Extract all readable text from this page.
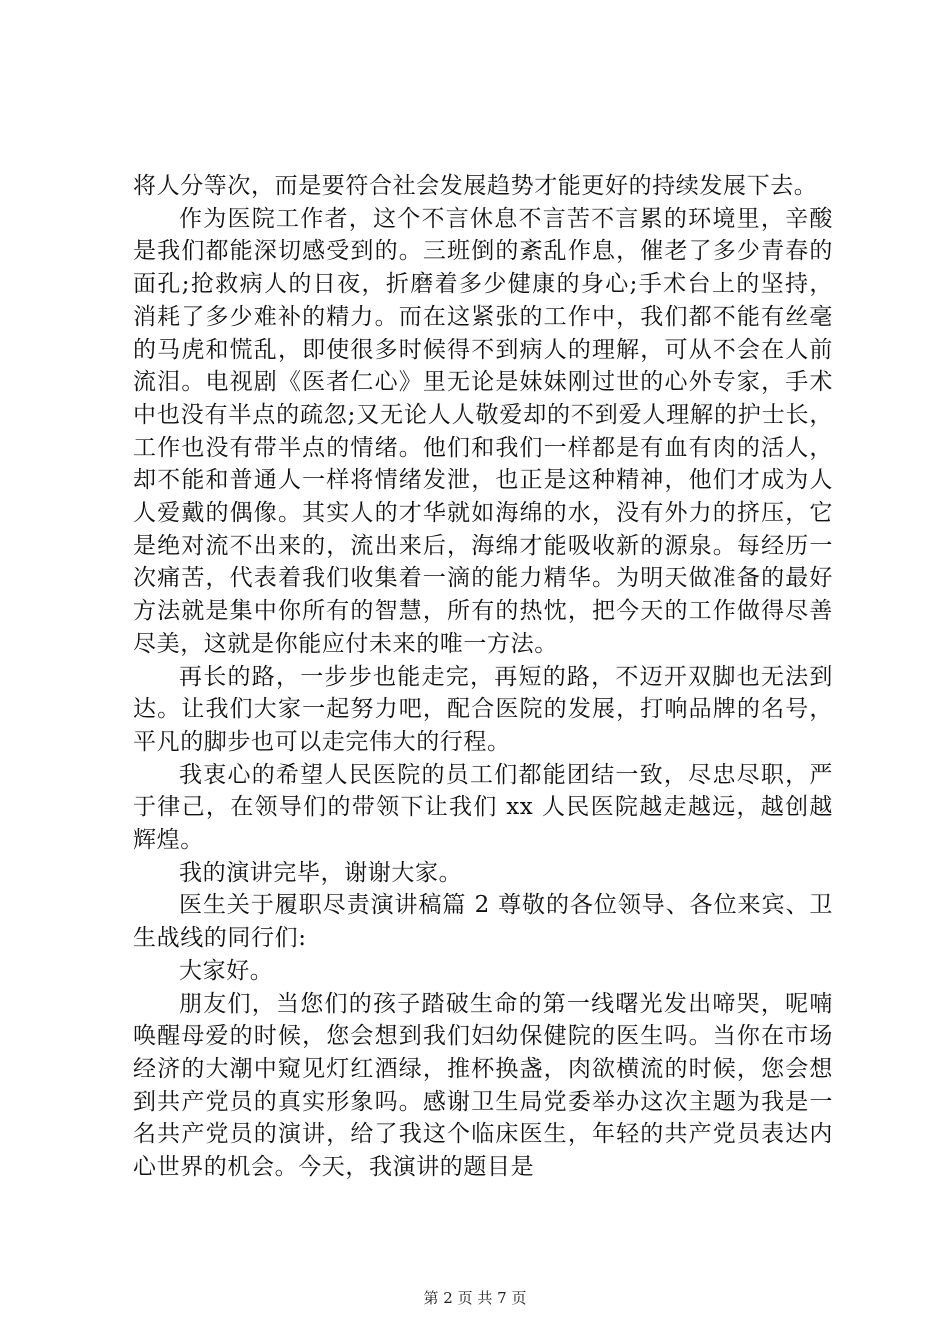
将人分等次，而是要符合社会发展趋势才能更好的持续发展下去。

作为医院工作者，这个不言休息不言苦不言累的环境里，辛酸是我们都能深切感受到的。三班倒的紊乱作息，催老了多少青春的面孔;抢救病人的日夜，折磨着多少健康的身心;手术台上的坚持，消耗了多少难补的精力。而在这紧张的工作中，我们都不能有丝毫的马虎和慌乱，即使很多时候得不到病人的理解，可从不会在人前流泪。电视剧《医者仁心》里无论是妹妹刚过世的心外专家，手术中也没有半点的疏忽;又无论人人敬爱却的不到爱人理解的护士长，工作也没有带半点的情绪。他们和我们一样都是有血有肉的活人，却不能和普通人一样将情绪发泄，也正是这种精神，他们才成为人人爱戴的偶像。其实人的才华就如海绵的水，没有外力的挤压，它是绝对流不出来的，流出来后，海绵才能吸收新的源泉。每经历一次痛苦，代表着我们收集着一滴的能力精华。为明天做准备的最好方法就是集中你所有的智慧，所有的热忱，把今天的工作做得尽善尽美，这就是你能应付未来的唯一方法。

再长的路，一步步也能走完，再短的路，不迈开双脚也无法到达。让我们大家一起努力吧，配合医院的发展，打响品牌的名号，平凡的脚步也可以走完伟大的行程。

我衷心的希望人民医院的员工们都能团结一致，尽忠尽职，严于律己，在领导们的带领下让我们 xx 人民医院越走越远，越创越辉煌。

我的演讲完毕，谢谢大家。

医生关于履职尽责演讲稿篇 2 尊敬的各位领导、各位来宾、卫生战线的同行们:

大家好。

朋友们，当您们的孩子踏破生命的第一线曙光发出啼哭，呢喃唤醒母爱的时候，您会想到我们妇幼保健院的医生吗。当你在市场经济的大潮中窥见灯红酒绿，推杯换盏，肉欲横流的时候，您会想到共产党员的真实形象吗。感谢卫生局党委举办这次主题为我是一名共产党员的演讲，给了我这个临床医生，年轻的共产党员表达内心世界的机会。今天，我演讲的题目是

第 2 页 共 7 页
